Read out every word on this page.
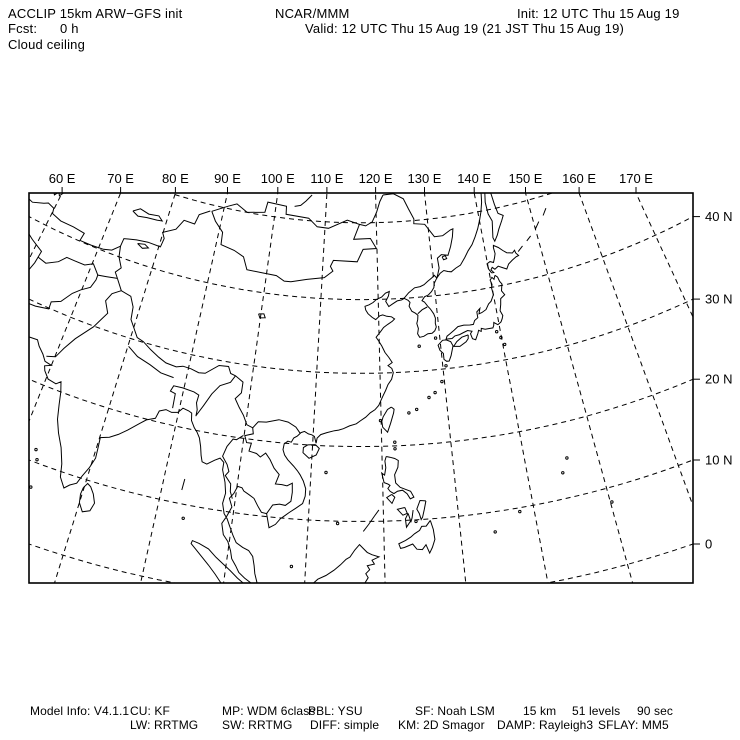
ACCLIP 15km ARW−GFS init	NCAR/MMM	Init: 12 UTC Thu 15 Aug 19
Fcst:      0 h	Valid: 12 UTC Thu 15 Aug 19 (21 JST Thu 15 Aug 19)
Cloud ceiling
60 E 70 E 80 E 90 E 100 E 110 E 120 E 130 E 140 E 150 E 160 E 170 E
40 N
30 N
20 N
10 N
0
Model Info: V4.1.1 CU: KF	MP: WDM 6class
PBL: YSU	SF: Noah LSM 15 km 51 levels 90 sec
LW: RRTMG SW: RRTMG DIFF: simple KM: 2D Smagor DAMP: Rayleigh3 SFLAY: MM5
